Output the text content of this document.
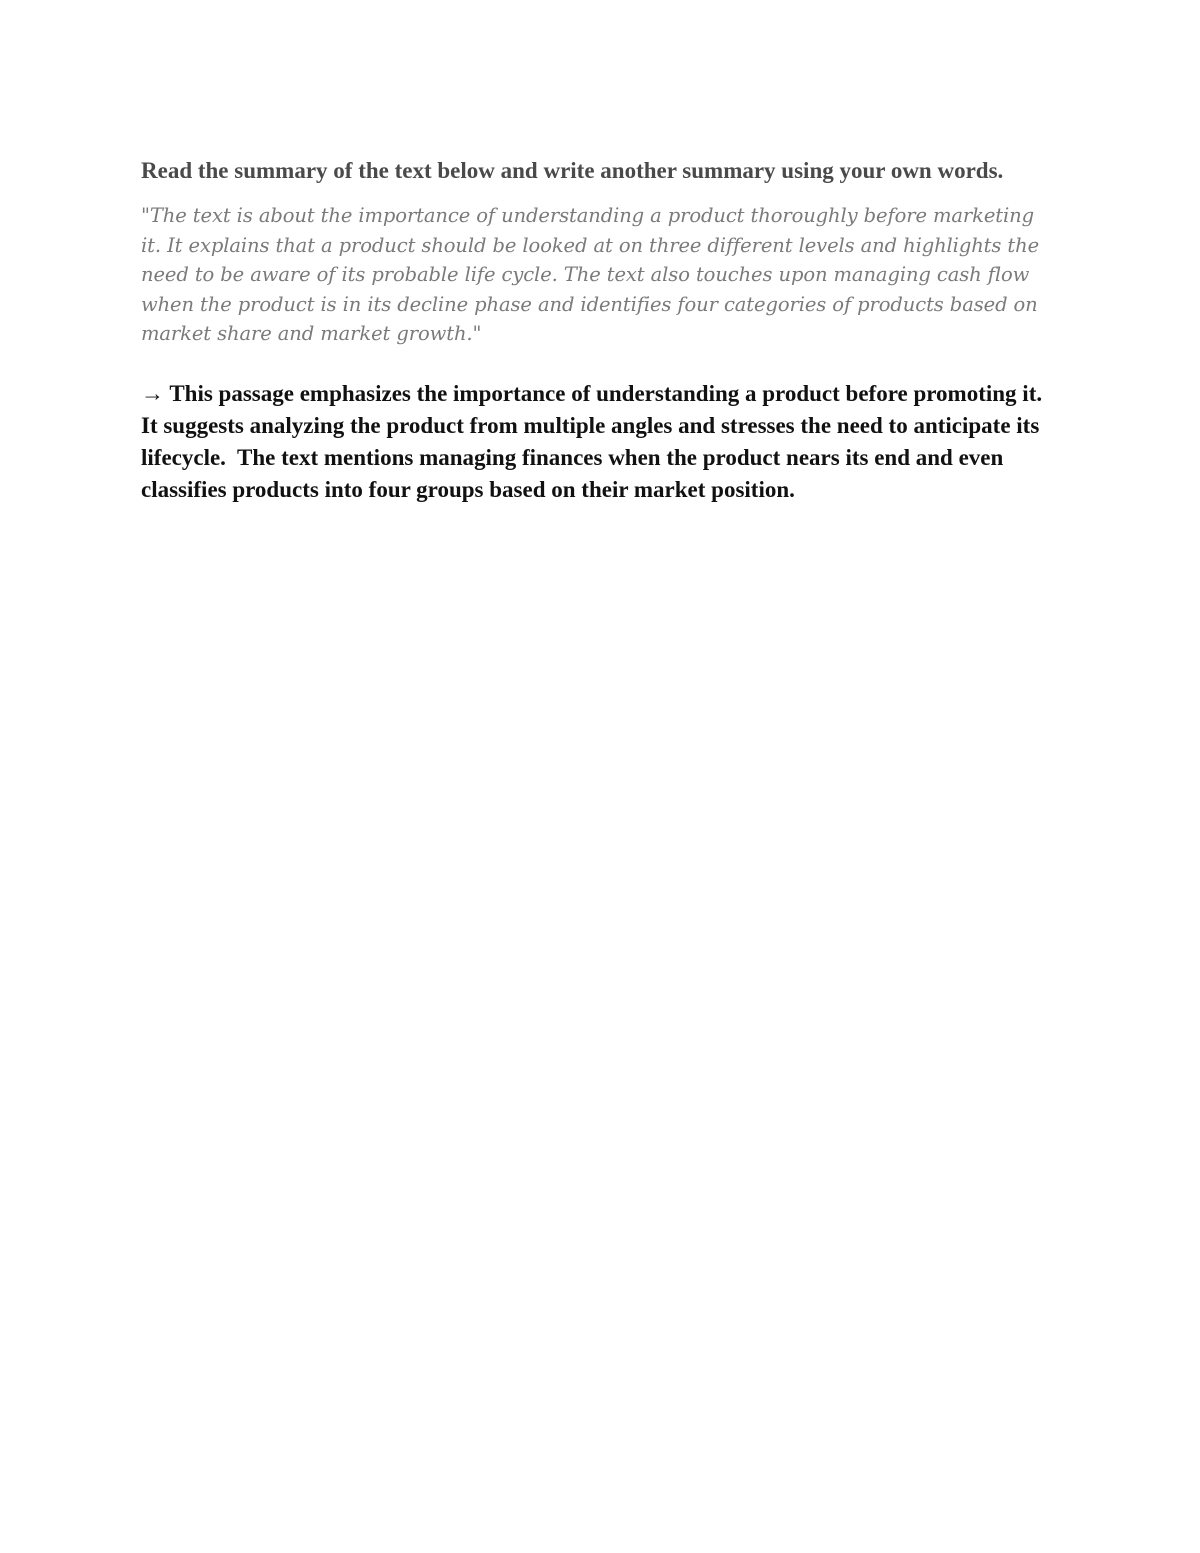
Read the summary of the text below and write another summary using your own words.

"The text is about the importance of understanding a product thoroughly before marketing it. It explains that a product should be looked at on three different levels and highlights the need to be aware of its probable life cycle. The text also touches upon managing cash flow when the product is in its decline phase and identifies four categories of products based on market share and market growth."

→ This passage emphasizes the importance of understanding a product before promoting it. It suggests analyzing the product from multiple angles and stresses the need to anticipate its lifecycle.  The text mentions managing finances when the product nears its end and even classifies products into four groups based on their market position.
